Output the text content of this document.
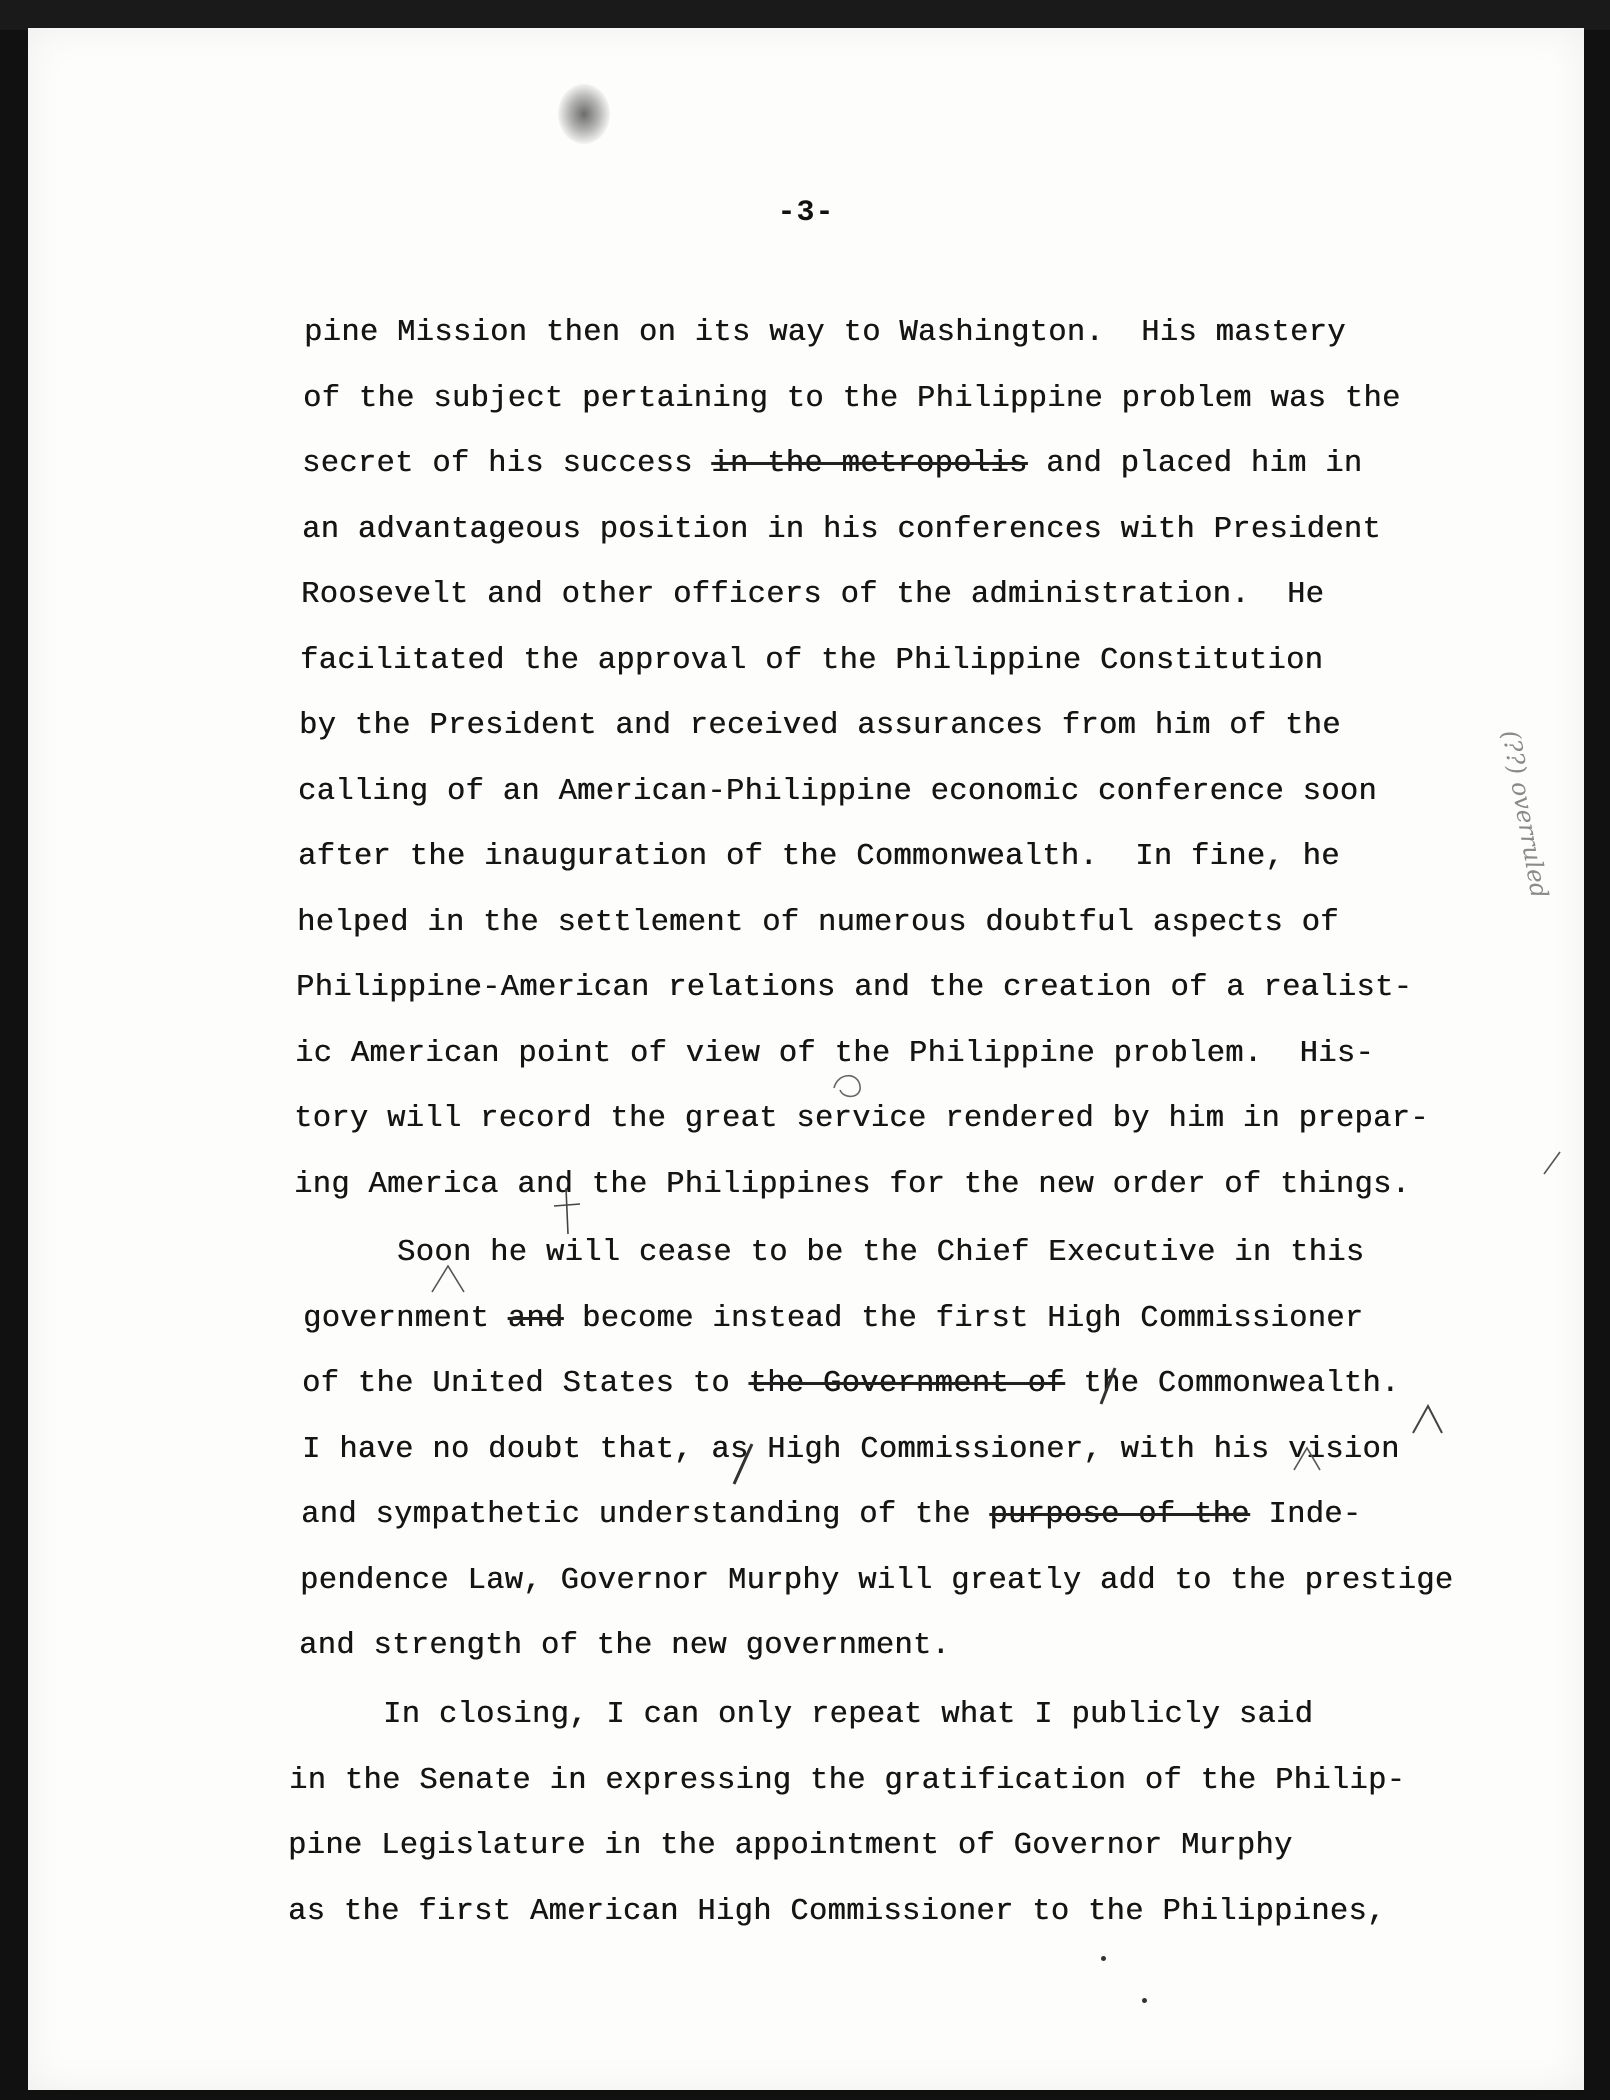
-3-
pine Mission then on its way to Washington.  His mastery
of the subject pertaining to the Philippine problem was the
secret of his success in the metropolis and placed him in
an advantageous position in his conferences with President
Roosevelt and other officers of the administration.  He
facilitated the approval of the Philippine Constitution
by the President and received assurances from him of the
calling of an American-Philippine economic conference soon
after the inauguration of the Commonwealth.  In fine, he
helped in the settlement of numerous doubtful aspects of
Philippine-American relations and the creation of a realist-
ic American point of view of the Philippine problem.  His-
tory will record the great service rendered by him in prepar-
ing America and the Philippines for the new order of things.
Soon he will cease to be the Chief Executive in this
government and become instead the first High Commissioner
of the United States to the Government of the Commonwealth.
I have no doubt that, as High Commissioner, with his vision
and sympathetic understanding of the purpose of the Inde-
pendence Law, Governor Murphy will greatly add to the prestige
and strength of the new government.
In closing, I can only repeat what I publicly said
in the Senate in expressing the gratification of the Philip-
pine Legislature in the appointment of Governor Murphy
as the first American High Commissioner to the Philippines,
(??) overruled
